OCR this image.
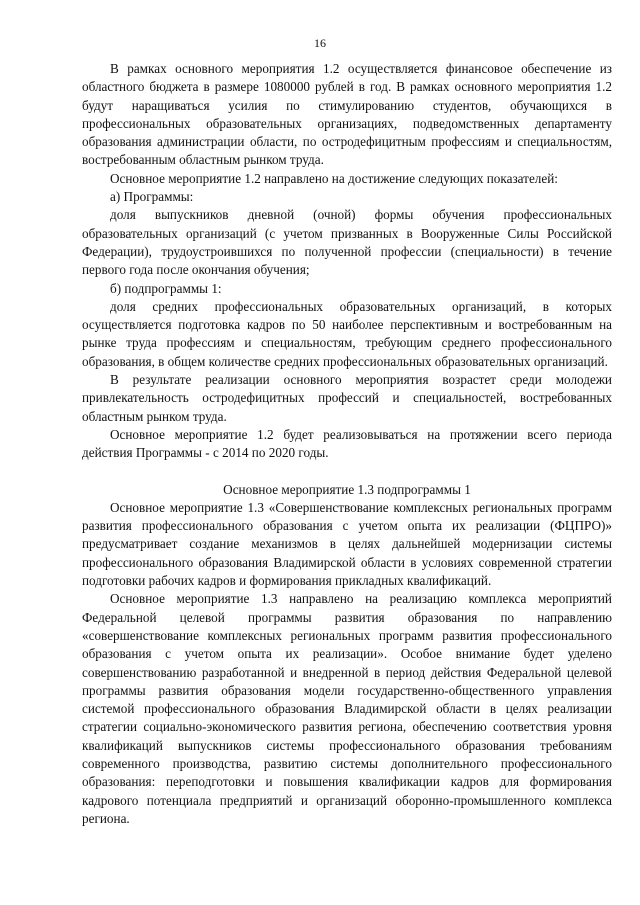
16

В рамках основного мероприятия 1.2 осуществляется финансовое обеспечение из областного бюджета в размере 1080000 рублей в год. В рамках основного мероприятия 1.2 будут наращиваться усилия по стимулированию студентов, обучающихся в профессиональных образовательных организациях, подведомственных департаменту образования администрации области, по остродефицитным профессиям и специальностям, востребованным областным рынком труда.

Основное мероприятие 1.2 направлено на достижение следующих показателей:

а) Программы:

доля выпускников дневной (очной) формы обучения профессиональных образовательных организаций (с учетом призванных в Вооруженные Силы Российской Федерации), трудоустроившихся по полученной профессии (специальности) в течение первого года после окончания обучения;

б) подпрограммы 1:

доля средних профессиональных образовательных организаций, в которых осуществляется подготовка кадров по 50 наиболее перспективным и востребованным на рынке труда профессиям и специальностям, требующим среднего профессионального образования, в общем количестве средних профессиональных образовательных организаций.

В результате реализации основного мероприятия возрастет среди молодежи привлекательность остродефицитных профессий и специальностей, востребованных областным рынком труда.

Основное мероприятие 1.2 будет реализовываться на протяжении всего периода действия Программы - с 2014 по 2020 годы.

Основное мероприятие 1.3 подпрограммы 1

Основное мероприятие 1.3 «Совершенствование комплексных региональных программ развития профессионального образования с учетом опыта их реализации (ФЦПРО)» предусматривает создание механизмов в целях дальнейшей модернизации системы профессионального образования Владимирской области в условиях современной стратегии подготовки рабочих кадров и формирования прикладных квалификаций.

Основное мероприятие 1.3 направлено на реализацию комплекса мероприятий Федеральной целевой программы развития образования по направлению «совершенствование комплексных региональных программ развития профессионального образования с учетом опыта их реализации». Особое внимание будет уделено совершенствованию разработанной и внедренной в период действия Федеральной целевой программы развития образования модели государственно-общественного управления системой профессионального образования Владимирской области в целях реализации стратегии социально-экономического развития региона, обеспечению соответствия уровня квалификаций выпускников системы профессионального образования требованиям современного производства, развитию системы дополнительного профессионального образования: переподготовки и повышения квалификации кадров для формирования кадрового потенциала предприятий и организаций оборонно-промышленного комплекса региона.
